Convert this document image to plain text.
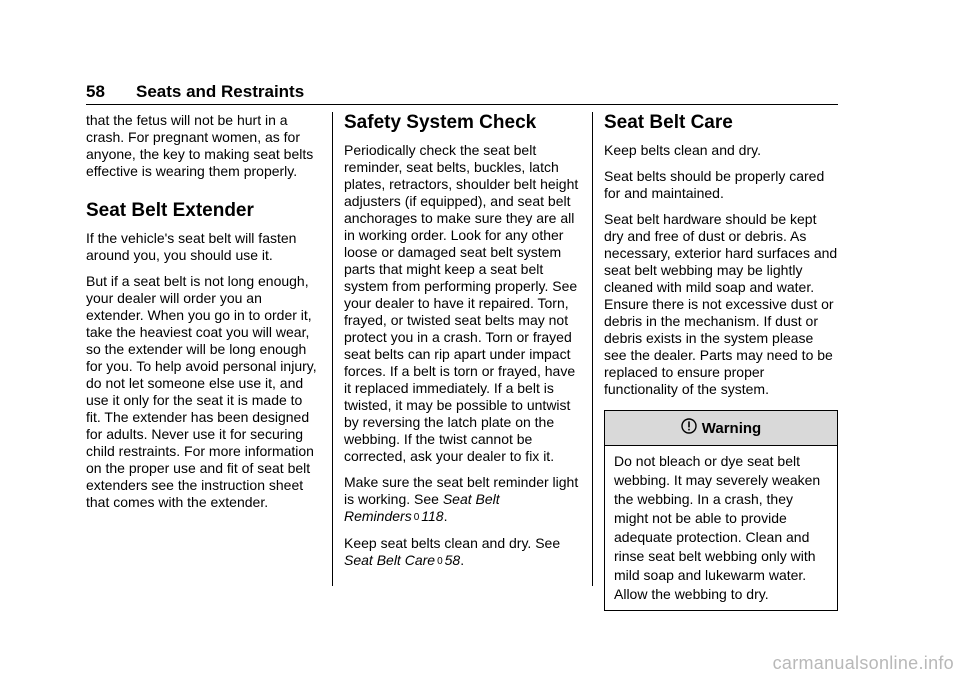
58 Seats and Restraints

that the fetus will not be hurt in a crash. For pregnant women, as for anyone, the key to making seat belts effective is wearing them properly.

Seat Belt Extender

If the vehicle's seat belt will fasten around you, you should use it.

But if a seat belt is not long enough, your dealer will order you an extender. When you go in to order it, take the heaviest coat you will wear, so the extender will be long enough for you. To help avoid personal injury, do not let someone else use it, and use it only for the seat it is made to fit. The extender has been designed for adults. Never use it for securing child restraints. For more information on the proper use and fit of seat belt extenders see the instruction sheet that comes with the extender.

Safety System Check

Periodically check the seat belt reminder, seat belts, buckles, latch plates, retractors, shoulder belt height adjusters (if equipped), and seat belt anchorages to make sure they are all in working order. Look for any other loose or damaged seat belt system parts that might keep a seat belt system from performing properly. See your dealer to have it repaired. Torn, frayed, or twisted seat belts may not protect you in a crash. Torn or frayed seat belts can rip apart under impact forces. If a belt is torn or frayed, have it replaced immediately. If a belt is twisted, it may be possible to untwist by reversing the latch plate on the webbing. If the twist cannot be corrected, ask your dealer to fix it.

Make sure the seat belt reminder light is working. See Seat Belt Reminders 0 118.

Keep seat belts clean and dry. See Seat Belt Care 0 58.

Seat Belt Care

Keep belts clean and dry.

Seat belts should be properly cared for and maintained.

Seat belt hardware should be kept dry and free of dust or debris. As necessary, exterior hard surfaces and seat belt webbing may be lightly cleaned with mild soap and water. Ensure there is not excessive dust or debris in the mechanism. If dust or debris exists in the system please see the dealer. Parts may need to be replaced to ensure proper functionality of the system.

Warning

Do not bleach or dye seat belt webbing. It may severely weaken the webbing. In a crash, they might not be able to provide adequate protection. Clean and rinse seat belt webbing only with mild soap and lukewarm water. Allow the webbing to dry.

carmanualsonline.info
